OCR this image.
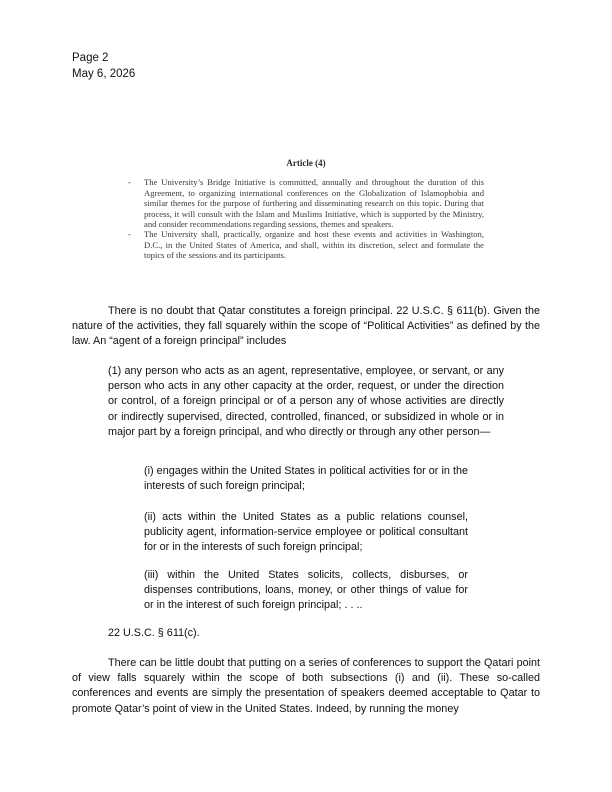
Page 2
May 6, 2026
Article (4)
-	The University’s Bridge Initiative is committed, annually and throughout the duration of this Agreement, to organizing international conferences on the Globalization of Islamophobia and similar themes for the purpose of furthering and disseminating research on this topic. During that process, it will consult with the Islam and Muslims Initiative, which is supported by the Ministry, and consider recommendations regarding sessions, themes and speakers.
-	The University shall, practically, organize and host these events and activities in Washington, D.C., in the United States of America, and shall, within its discretion, select and formulate the topics of the sessions and its participants.

There is no doubt that Qatar constitutes a foreign principal. 22 U.S.C. § 611(b). Given the nature of the activities, they fall squarely within the scope of “Political Activities” as defined by the law. An “agent of a foreign principal” includes

(1) any person who acts as an agent, representative, employee, or servant, or any person who acts in any other capacity at the order, request, or under the direction or control, of a foreign principal or of a person any of whose activities are directly or indirectly supervised, directed, controlled, financed, or subsidized in whole or in major part by a foreign principal, and who directly or through any other person—

(i) engages within the United States in political activities for or in the interests of such foreign principal;

(ii) acts within the United States as a public relations counsel, publicity agent, information-service employee or political consultant for or in the interests of such foreign principal;

(iii) within the United States solicits, collects, disburses, or dispenses contributions, loans, money, or other things of value for or in the interest of such foreign principal; . . ..

22 U.S.C. § 611(c).

There can be little doubt that putting on a series of conferences to support the Qatari point of view falls squarely within the scope of both subsections (i) and (ii). These so-called conferences and events are simply the presentation of speakers deemed acceptable to Qatar to promote Qatar’s point of view in the United States. Indeed, by running the money
